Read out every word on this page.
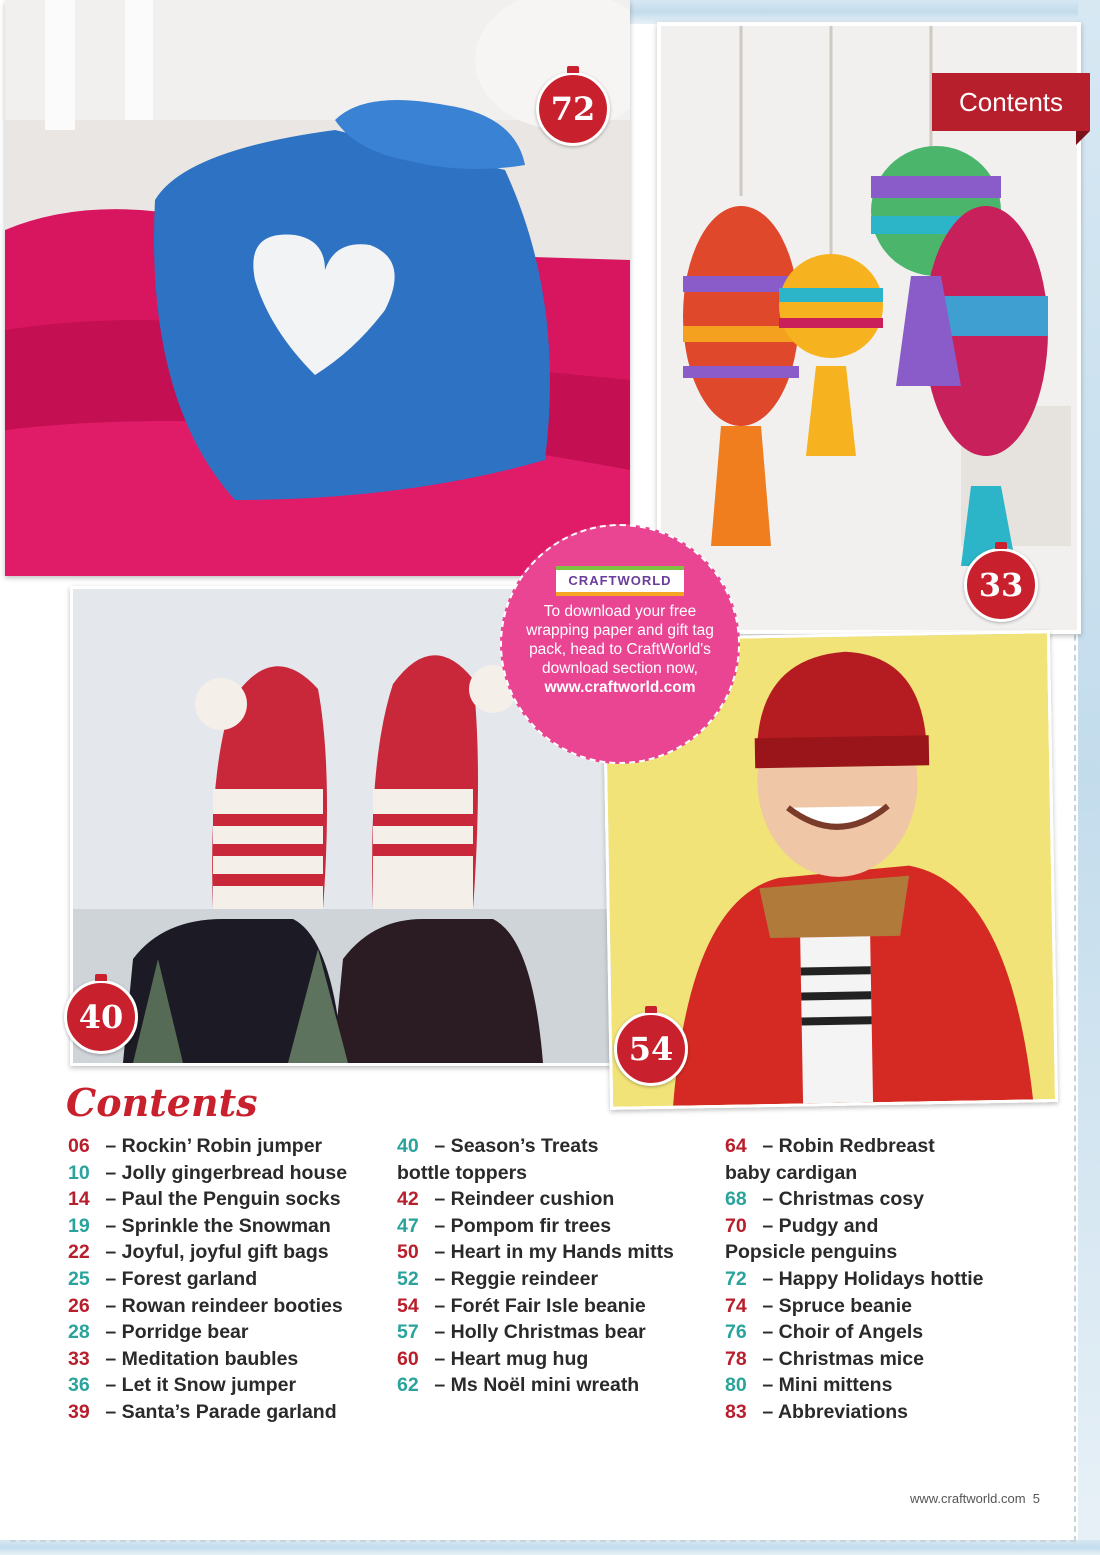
72	Contents
33
40
54
CRAFTWORLD
To download your free wrapping paper and gift tag pack, head to CraftWorld's download section now,
www.craftworld.com
Contents
06 – Rockin’ Robin jumper
10 – Jolly gingerbread house
14 – Paul the Penguin socks
19 – Sprinkle the Snowman
22 – Joyful, joyful gift bags
25 – Forest garland
26 – Rowan reindeer booties
28 – Porridge bear
33 – Meditation baubles
36 – Let it Snow jumper
39 – Santa’s Parade garland
40 – Season’s Treats
bottle toppers
42 – Reindeer cushion
47 – Pompom fir trees
50 – Heart in my Hands mitts
52 – Reggie reindeer
54 – Forét Fair Isle beanie
57 – Holly Christmas bear
60 – Heart mug hug
62 – Ms Noël mini wreath
64 – Robin Redbreast
baby cardigan
68 – Christmas cosy
70 – Pudgy and
Popsicle penguins
72 – Happy Holidays hottie
74 – Spruce beanie
76 – Choir of Angels
78 – Christmas mice
80 – Mini mittens
83 – Abbreviations
www.craftworld.com 5
